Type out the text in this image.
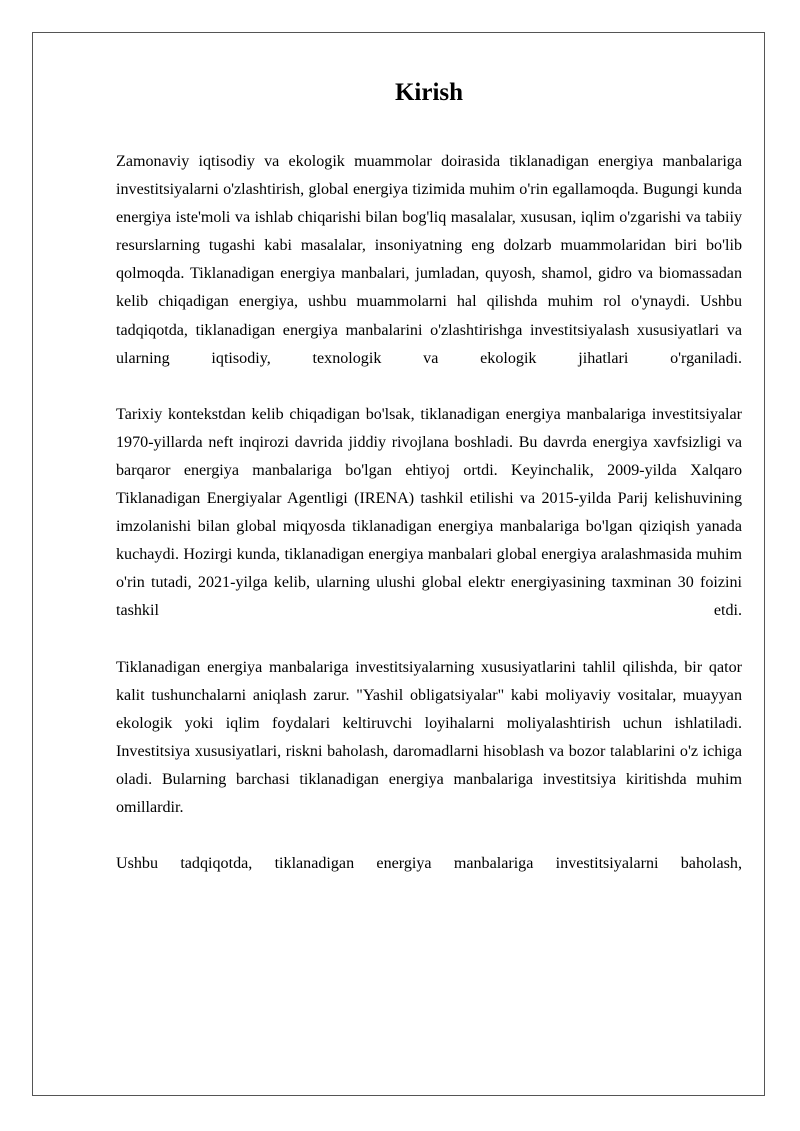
Kirish

Zamonaviy iqtisodiy va ekologik muammolar doirasida tiklanadigan energiya manbalariga investitsiyalarni o'zlashtirish, global energiya tizimida muhim o'rin egallamoqda. Bugungi kunda energiya iste'moli va ishlab chiqarishi bilan bog'liq masalalar, xususan, iqlim o'zgarishi va tabiiy resurslarning tugashi kabi masalalar, insoniyatning eng dolzarb muammolaridan biri bo'lib qolmoqda. Tiklanadigan energiya manbalari, jumladan, quyosh, shamol, gidro va biomassadan kelib chiqadigan energiya, ushbu muammolarni hal qilishda muhim rol o'ynaydi. Ushbu tadqiqotda, tiklanadigan energiya manbalarini o'zlashtirishga investitsiyalash xususiyatlari va ularning iqtisodiy, texnologik va ekologik jihatlari o'rganiladi.

Tarixiy kontekstdan kelib chiqadigan bo'lsak, tiklanadigan energiya manbalariga investitsiyalar 1970-yillarda neft inqirozi davrida jiddiy rivojlana boshladi. Bu davrda energiya xavfsizligi va barqaror energiya manbalariga bo'lgan ehtiyoj ortdi. Keyinchalik, 2009-yilda Xalqaro Tiklanadigan Energiyalar Agentligi (IRENA) tashkil etilishi va 2015-yilda Parij kelishuvining imzolanishi bilan global miqyosda tiklanadigan energiya manbalariga bo'lgan qiziqish yanada kuchaydi. Hozirgi kunda, tiklanadigan energiya manbalari global energiya aralashmasida muhim o'rin tutadi, 2021-yilga kelib, ularning ulushi global elektr energiyasining taxminan 30 foizini tashkil etdi.

Tiklanadigan energiya manbalariga investitsiyalarning xususiyatlarini tahlil qilishda, bir qator kalit tushunchalarni aniqlash zarur. "Yashil obligatsiyalar" kabi moliyaviy vositalar, muayyan ekologik yoki iqlim foydalari keltiruvchi loyihalarni moliyalashtirish uchun ishlatiladi. Investitsiya xususiyatlari, riskni baholash, daromadlarni hisoblash va bozor talablarini o'z ichiga oladi. Bularning barchasi tiklanadigan energiya manbalariga investitsiya kiritishda muhim omillardir.

Ushbu tadqiqotda, tiklanadigan energiya manbalariga investitsiyalarni baholash,
